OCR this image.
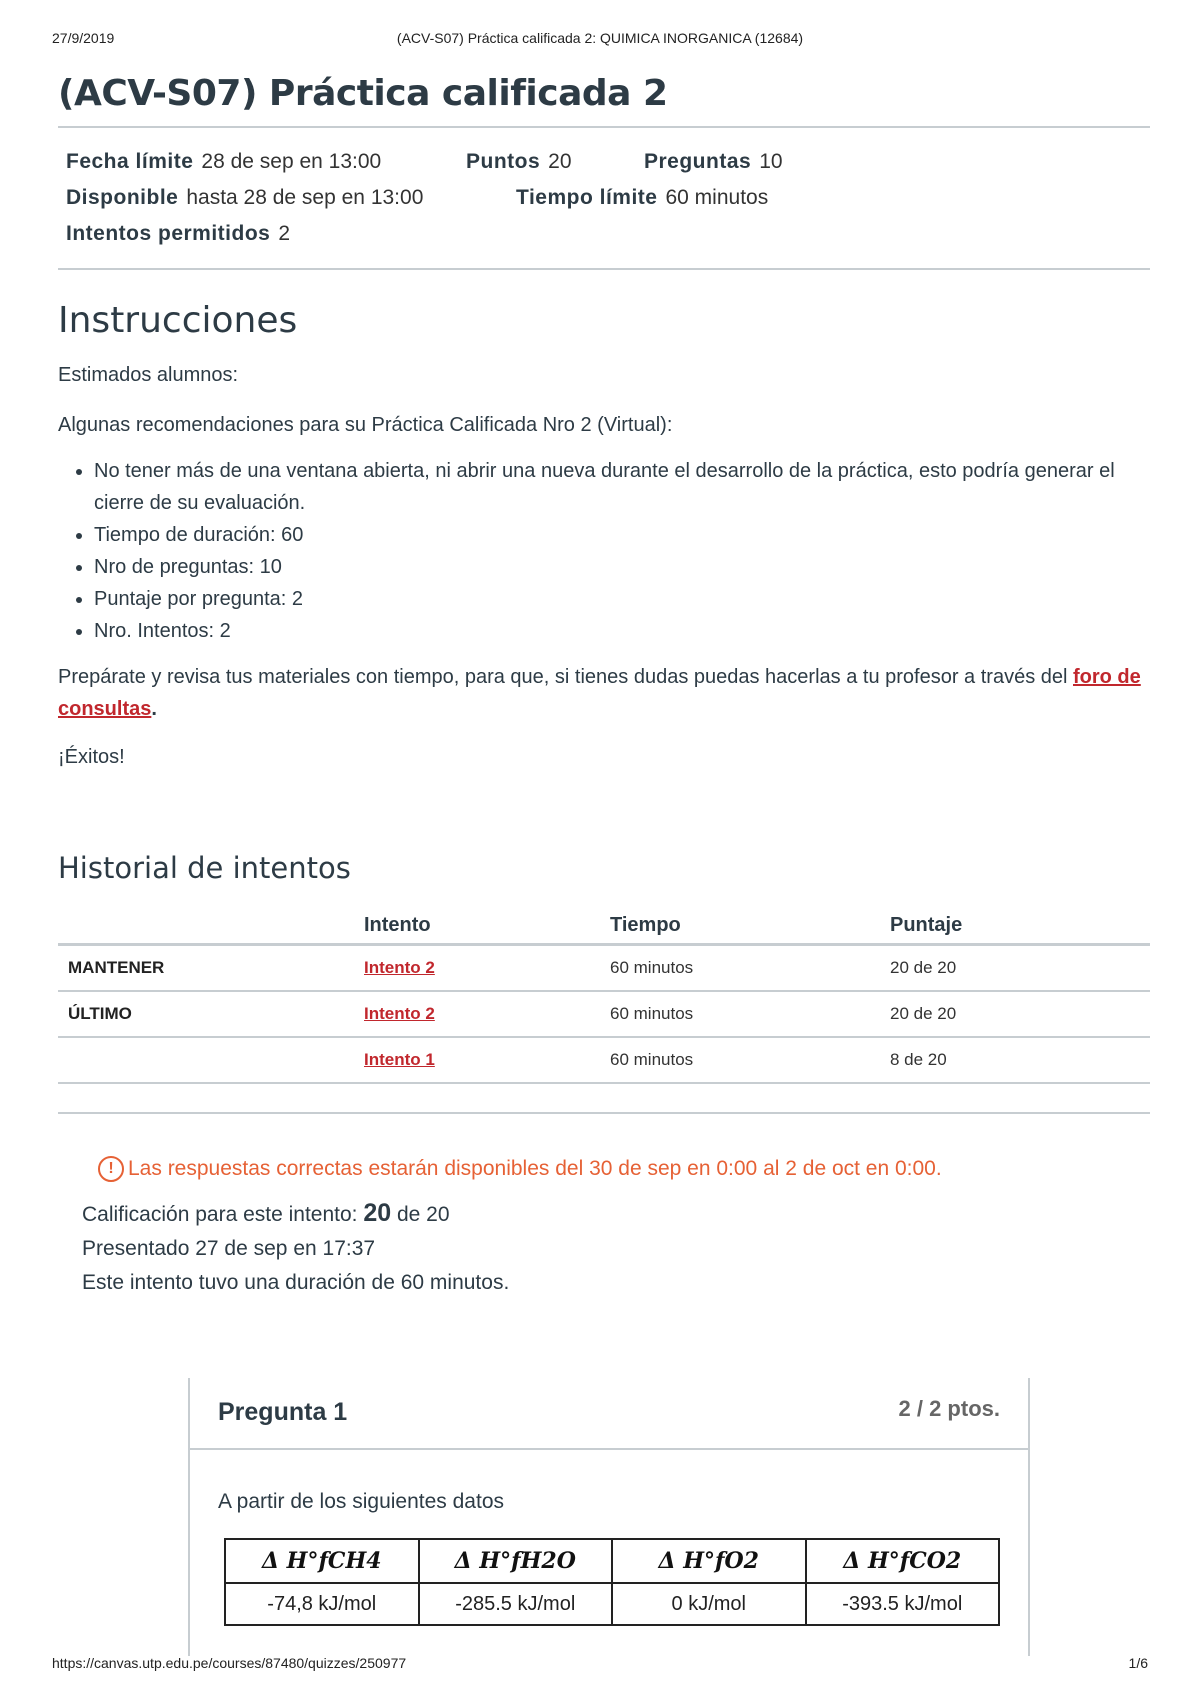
27/9/2019	(ACV-S07) Práctica calificada 2: QUIMICA INORGANICA (12684)
(ACV-S07) Práctica calificada 2
Fecha límite 28 de sep en 13:00	Puntos 20	Preguntas 10
Disponible hasta 28 de sep en 13:00	Tiempo límite 60 minutos
Intentos permitidos 2
Instrucciones

Estimados alumnos:

Algunas recomendaciones para su Práctica Calificada Nro 2 (Virtual):

• No tener más de una ventana abierta, ni abrir una nueva durante el desarrollo de la práctica, esto podría generar el cierre de su evaluación.
• Tiempo de duración: 60
• Nro de preguntas: 10
• Puntaje por pregunta: 2
• Nro. Intentos: 2

Prepárate y revisa tus materiales con tiempo, para que, si tienes dudas puedas hacerlas a tu profesor a través del foro de consultas.

¡Éxitos!

Historial de intentos
	Intento	Tiempo	Puntaje
MANTENER	Intento 2	60 minutos	20 de 20
ÚLTIMO	Intento 2	60 minutos	20 de 20
	Intento 1	60 minutos	8 de 20
! Las respuestas correctas estarán disponibles del 30 de sep en 0:00 al 2 de oct en 0:00.
Calificación para este intento: 20 de 20
Presentado 27 de sep en 17:37
Este intento tuvo una duración de 60 minutos.
Pregunta 1	2 / 2 ptos.
A partir de los siguientes datos
Δ H°fCH4	Δ H°fH2O	Δ H°fO2	Δ H°fCO2
-74,8 kJ/mol	-285.5 kJ/mol	0 kJ/mol	-393.5 kJ/mol
https://canvas.utp.edu.pe/courses/87480/quizzes/250977	1/6
